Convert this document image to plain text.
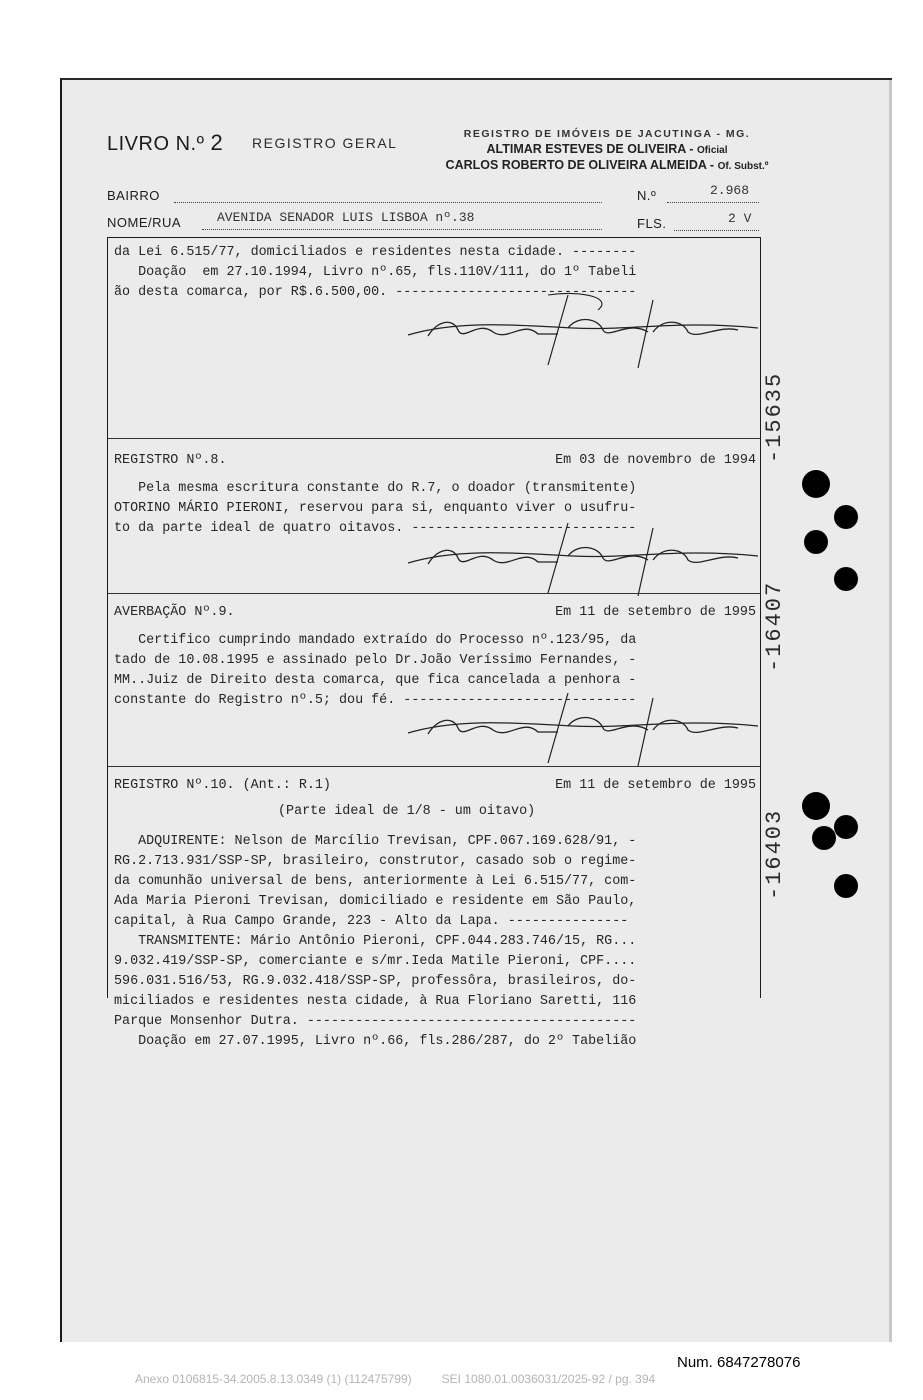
LIVRO N.º 2 REGISTRO GERAL
REGISTRO DE IMÓVEIS DE JACUTINGA - MG.
ALTIMAR ESTEVES DE OLIVEIRA - Oficial
CARLOS ROBERTO DE OLIVEIRA ALMEIDA - Of. Subst.º
BAIRRO	N.º	2.968
NOME/RUA	AVENIDA SENADOR LUIS LISBOA nº.38	FLS.	2 V
da Lei 6.515/77, domiciliados e residentes nesta cidade. --------
Doação  em 27.10.1994, Livro nº.65, fls.110V/111, do 1º Tabeli
ão desta comarca, por R$.6.500,00. ------------------------------
REGISTRO Nº.8.	Em 03 de novembro de 1994
Pela mesma escritura constante do R.7, o doador (transmitente)
OTORINO MÁRIO PIERONI, reservou para si, enquanto viver o usufru-
to da parte ideal de quatro oitavos. ----------------------------
AVERBAÇÃO Nº.9.	Em 11 de setembro de 1995
Certifico cumprindo mandado extraído do Processo nº.123/95, da
tado de 10.08.1995 e assinado pelo Dr.João Veríssimo Fernandes, -
MM..Juiz de Direito desta comarca, que fica cancelada a penhora -
constante do Registro nº.5; dou fé. -----------------------------
REGISTRO Nº.10. (Ant.: R.1)	Em 11 de setembro de 1995
(Parte ideal de 1/8 - um oitavo)
ADQUIRENTE: Nelson de Marcílio Trevisan, CPF.067.169.628/91, -
RG.2.713.931/SSP-SP, brasileiro, construtor, casado sob o regime-
da comunhão universal de bens, anteriormente à Lei 6.515/77, com-
Ada Maria Pieroni Trevisan, domiciliado e residente em São Paulo,
capital, à Rua Campo Grande, 223 - Alto da Lapa. ---------------
TRANSMITENTE: Mário Antônio Pieroni, CPF.044.283.746/15, RG...
9.032.419/SSP-SP, comerciante e s/mr.Ieda Matile Pieroni, CPF....
596.031.516/53, RG.9.032.418/SSP-SP, professôra, brasileiros, do-
miciliados e residentes nesta cidade, à Rua Floriano Saretti, 116
Parque Monsenhor Dutra. -----------------------------------------
Doação em 27.07.1995, Livro nº.66, fls.286/287, do 2º Tabelião
-15635
-16407
-16403
Num. 6847278076
Anexo 0106815-34.2005.8.13.0349 (1) (112475799)         SEI 1080.01.0036031/2025-92 / pg. 394
